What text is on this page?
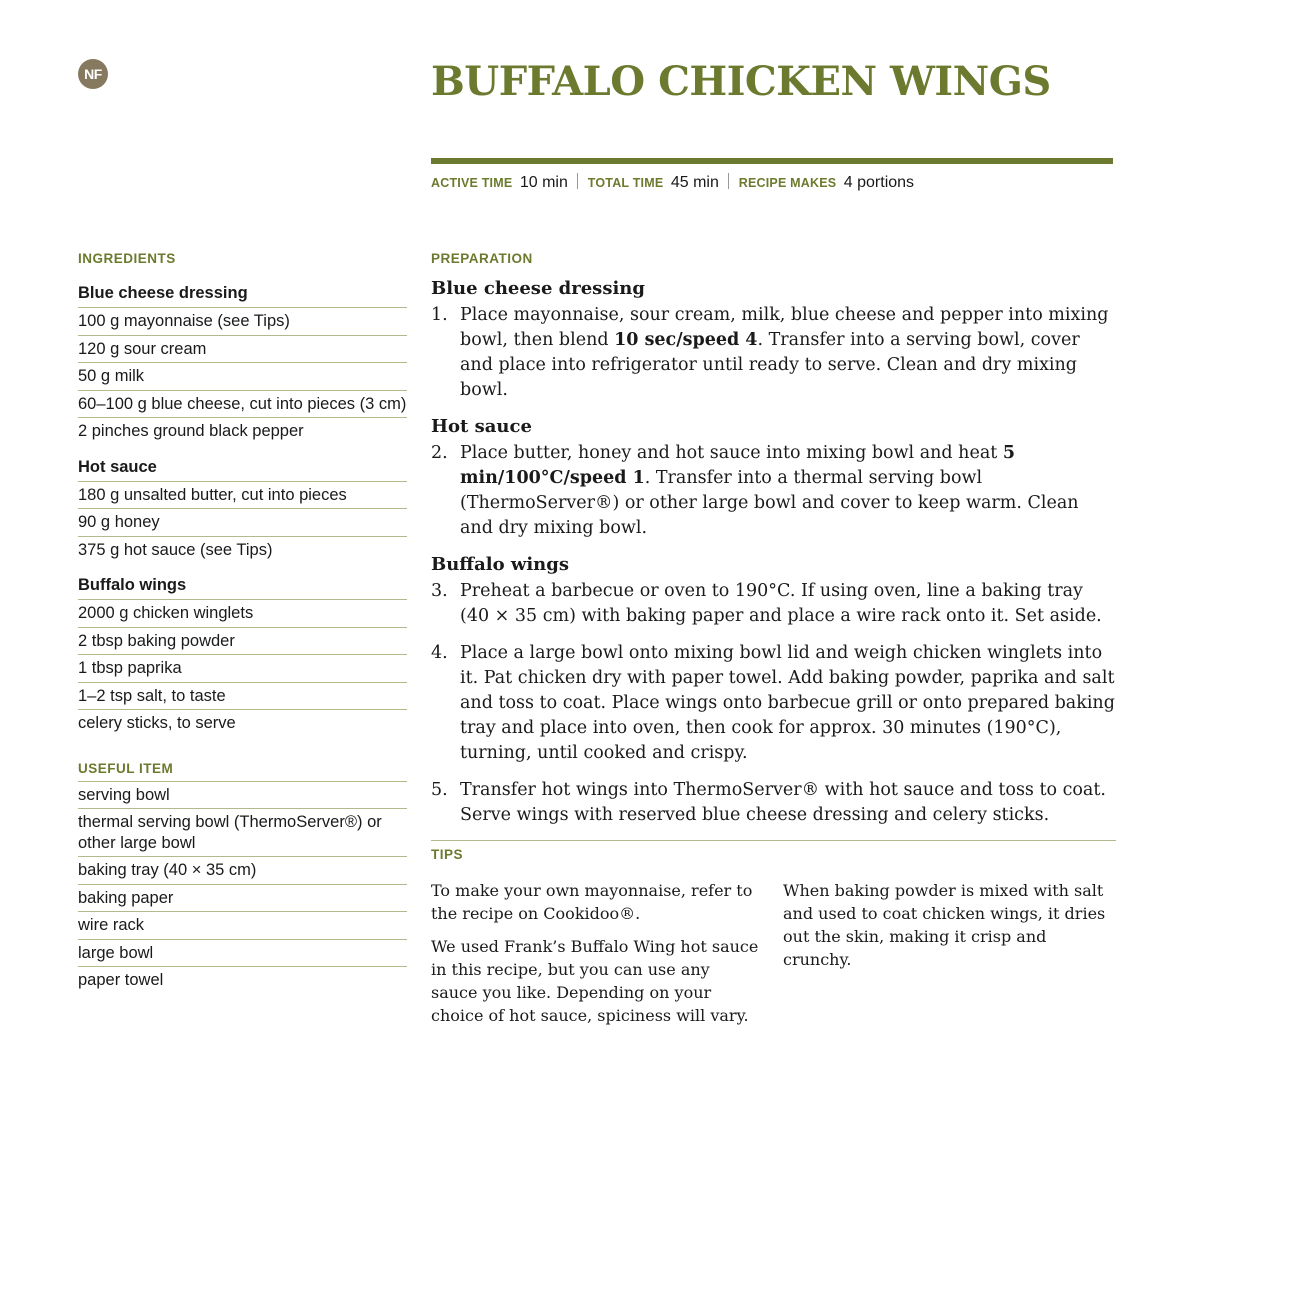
NF	BUFFALO CHICKEN WINGS
ACTIVE TIME 10 min TOTAL TIME 45 min RECIPE MAKES 4 portions
INGREDIENTS
Blue cheese dressing
100 g mayonnaise (see Tips)
120 g sour cream
50 g milk
60–100 g blue cheese, cut into pieces (3 cm)
2 pinches ground black pepper
Hot sauce
180 g unsalted butter, cut into pieces
90 g honey
375 g hot sauce (see Tips)
Buffalo wings
2000 g chicken winglets
2 tbsp baking powder
1 tbsp paprika
1–2 tsp salt, to taste
celery sticks, to serve
USEFUL ITEM
serving bowl
thermal serving bowl (ThermoServer®) or other large bowl
baking tray (40 × 35 cm)
baking paper
wire rack
large bowl
paper towel
PREPARATION
Blue cheese dressing
1. Place mayonnaise, sour cream, milk, blue cheese and pepper into mixing bowl, then blend 10 sec/speed 4. Transfer into a serving bowl, cover and place into refrigerator until ready to serve. Clean and dry mixing bowl.
Hot sauce
2. Place butter, honey and hot sauce into mixing bowl and heat 5 min/100°C/speed 1. Transfer into a thermal serving bowl (ThermoServer®) or other large bowl and cover to keep warm. Clean and dry mixing bowl.
Buffalo wings
3. Preheat a barbecue or oven to 190°C. If using oven, line a baking tray (40 × 35 cm) with baking paper and place a wire rack onto it. Set aside.
4. Place a large bowl onto mixing bowl lid and weigh chicken winglets into it. Pat chicken dry with paper towel. Add baking powder, paprika and salt and toss to coat. Place wings onto barbecue grill or onto prepared baking tray and place into oven, then cook for approx. 30 minutes (190°C), turning, until cooked and crispy.
5. Transfer hot wings into ThermoServer® with hot sauce and toss to coat. Serve wings with reserved blue cheese dressing and celery sticks.
TIPS

To make your own mayonnaise, refer to the recipe on Cookidoo®.

We used Frank’s Buffalo Wing hot sauce in this recipe, but you can use any sauce you like. Depending on your choice of hot sauce, spiciness will vary.

When baking powder is mixed with salt and used to coat chicken wings, it dries out the skin, making it crisp and crunchy.
